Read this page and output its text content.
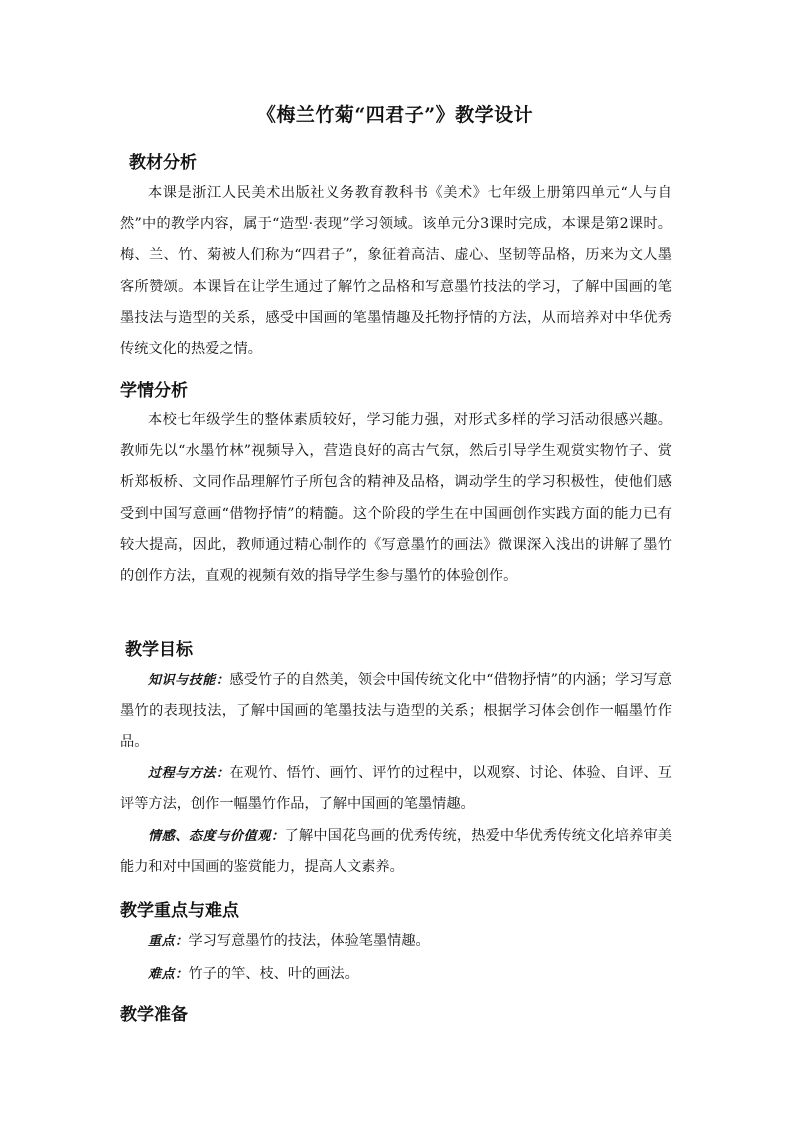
《梅兰竹菊“四君子”》教学设计
教材分析

本课是浙江人民美术出版社义务教育教科书《美术》七年级上册第四单元“人与自然”中的教学内容，属于“造型·表现”学习领域。该单元分3课时完成，本课是第2课时。梅、兰、竹、菊被人们称为“四君子”，象征着高洁、虚心、坚韧等品格，历来为文人墨客所赞颂。本课旨在让学生通过了解竹之品格和写意墨竹技法的学习，了解中国画的笔墨技法与造型的关系，感受中国画的笔墨情趣及托物抒情的方法，从而培养对中华优秀传统文化的热爱之情。

学情分析

本校七年级学生的整体素质较好，学习能力强，对形式多样的学习活动很感兴趣。教师先以“水墨竹林”视频导入，营造良好的高古气氛，然后引导学生观赏实物竹子、赏析郑板桥、文同作品理解竹子所包含的精神及品格，调动学生的学习积极性，使他们感受到中国写意画“借物抒情”的精髓。这个阶段的学生在中国画创作实践方面的能力已有较大提高，因此，教师通过精心制作的《写意墨竹的画法》微课深入浅出的讲解了墨竹的创作方法，直观的视频有效的指导学生参与墨竹的体验创作。

教学目标

知识与技能：感受竹子的自然美，领会中国传统文化中“借物抒情”的内涵；学习写意墨竹的表现技法，了解中国画的笔墨技法与造型的关系；根据学习体会创作一幅墨竹作品。

过程与方法：在观竹、悟竹、画竹、评竹的过程中，以观察、讨论、体验、自评、互评等方法，创作一幅墨竹作品，了解中国画的笔墨情趣。

情感、态度与价值观：了解中国花鸟画的优秀传统，热爱中华优秀传统文化培养审美能力和对中国画的鉴赏能力，提高人文素养。

教学重点与难点

重点：学习写意墨竹的技法，体验笔墨情趣。

难点：竹子的竿、枝、叶的画法。

教学准备
